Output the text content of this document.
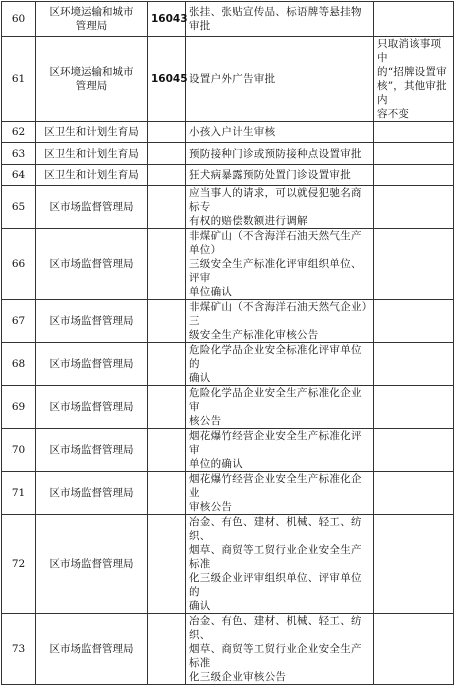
60	区环境运输和城市
管理局	16043	张挂、张贴宣传品、标语牌等悬挂物审批	
61	区环境运输和城市
管理局	16045	设置户外广告审批	只取消该事项中
的“招牌设置审
核”，其他审批内
容不变
62	区卫生和计划生育局		小孩入户计生审核	
63	区卫生和计划生育局		预防接种门诊或预防接种点设置审批	
64	区卫生和计划生育局		狂犬病暴露预防处置门诊设置审批	
65	区市场监督管理局		应当事人的请求，可以就侵犯驰名商标专
有权的赔偿数额进行调解	
66	区市场监督管理局		非煤矿山（不含海洋石油天然气生产单位）
三级安全生产标准化评审组织单位、评审
单位确认	
67	区市场监督管理局		非煤矿山（不含海洋石油天然气企业）三
级安全生产标准化审核公告	
68	区市场监督管理局		危险化学品企业安全标准化评审单位的
确认	
69	区市场监督管理局		危险化学品企业安全生产标准化企业审
核公告	
70	区市场监督管理局		烟花爆竹经营企业安全生产标准化评审
单位的确认	
71	区市场监督管理局		烟花爆竹经营企业安全生产标准化企业
审核公告	
72	区市场监督管理局		冶金、有色、建材、机械、轻工、纺织、
烟草、商贸等工贸行业企业安全生产标准
化三级企业评审组织单位、评审单位的
确认	
73	区市场监督管理局		冶金、有色、建材、机械、轻工、纺织、
烟草、商贸等工贸行业企业安全生产标准
化三级企业审核公告	
